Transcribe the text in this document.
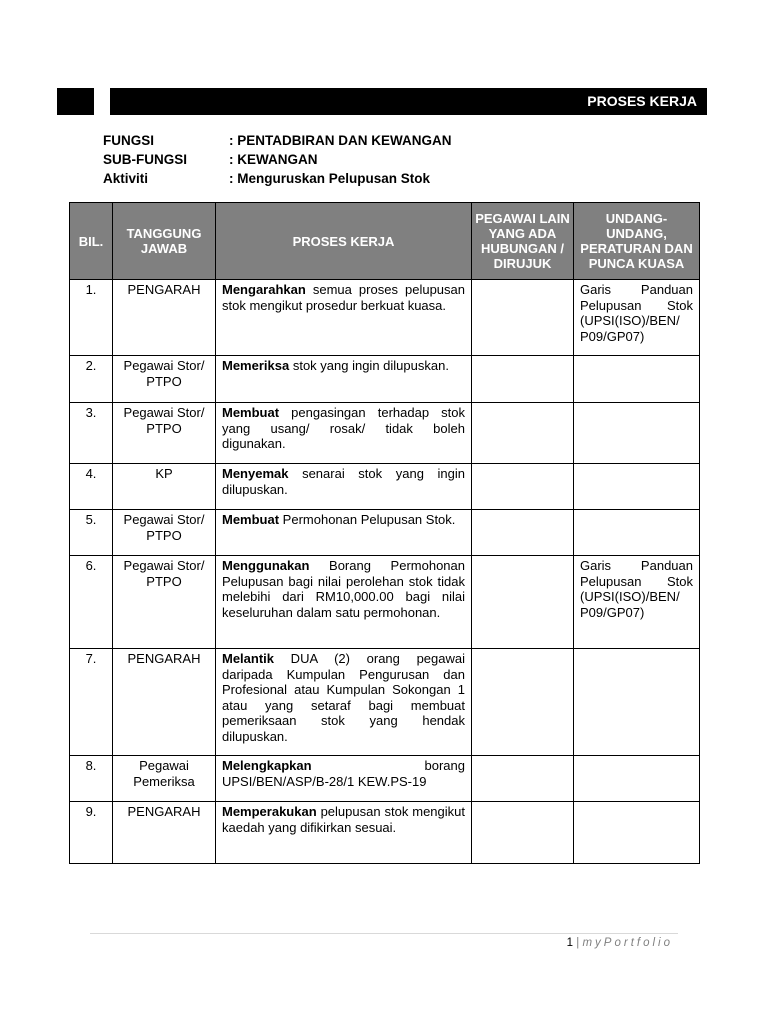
PROSES KERJA
FUNGSI	: PENTADBIRAN DAN KEWANGAN
SUB-FUNGSI	: KEWANGAN
Aktiviti	: Menguruskan Pelupusan Stok
BIL.	TANGGUNG JAWAB	PROSES KERJA	PEGAWAI LAIN YANG ADA HUBUNGAN / DIRUJUK	UNDANG-UNDANG, PERATURAN DAN PUNCA KUASA
1.	PENGARAH	Mengarahkan semua proses pelupusan stok mengikut prosedur berkuat kuasa.		Garis Panduan Pelupusan Stok (UPSI(ISO)/BEN/ P09/GP07)
2.	Pegawai Stor/ PTPO	Memeriksa stok yang ingin dilupuskan.		
3.	Pegawai Stor/ PTPO	Membuat pengasingan terhadap stok yang usang/ rosak/ tidak boleh digunakan.		
4.	KP	Menyemak senarai stok yang ingin dilupuskan.		
5.	Pegawai Stor/ PTPO	Membuat Permohonan Pelupusan Stok.		
6.	Pegawai Stor/ PTPO	Menggunakan Borang Permohonan Pelupusan bagi nilai perolehan stok tidak melebihi dari RM10,000.00 bagi nilai keseluruhan dalam satu permohonan.		Garis Panduan Pelupusan Stok (UPSI(ISO)/BEN/ P09/GP07)
7.	PENGARAH	Melantik DUA (2) orang pegawai daripada Kumpulan Pengurusan dan Profesional atau Kumpulan Sokongan 1 atau yang setaraf bagi membuat pemeriksaan stok yang hendak dilupuskan.		
8.	Pegawai Pemeriksa	Melengkapkan borang UPSI/BEN/ASP/B-28/1 KEW.PS-19		
9.	PENGARAH	Memperakukan pelupusan stok mengikut kaedah yang difikirkan sesuai.		
1 | myPortfolio
